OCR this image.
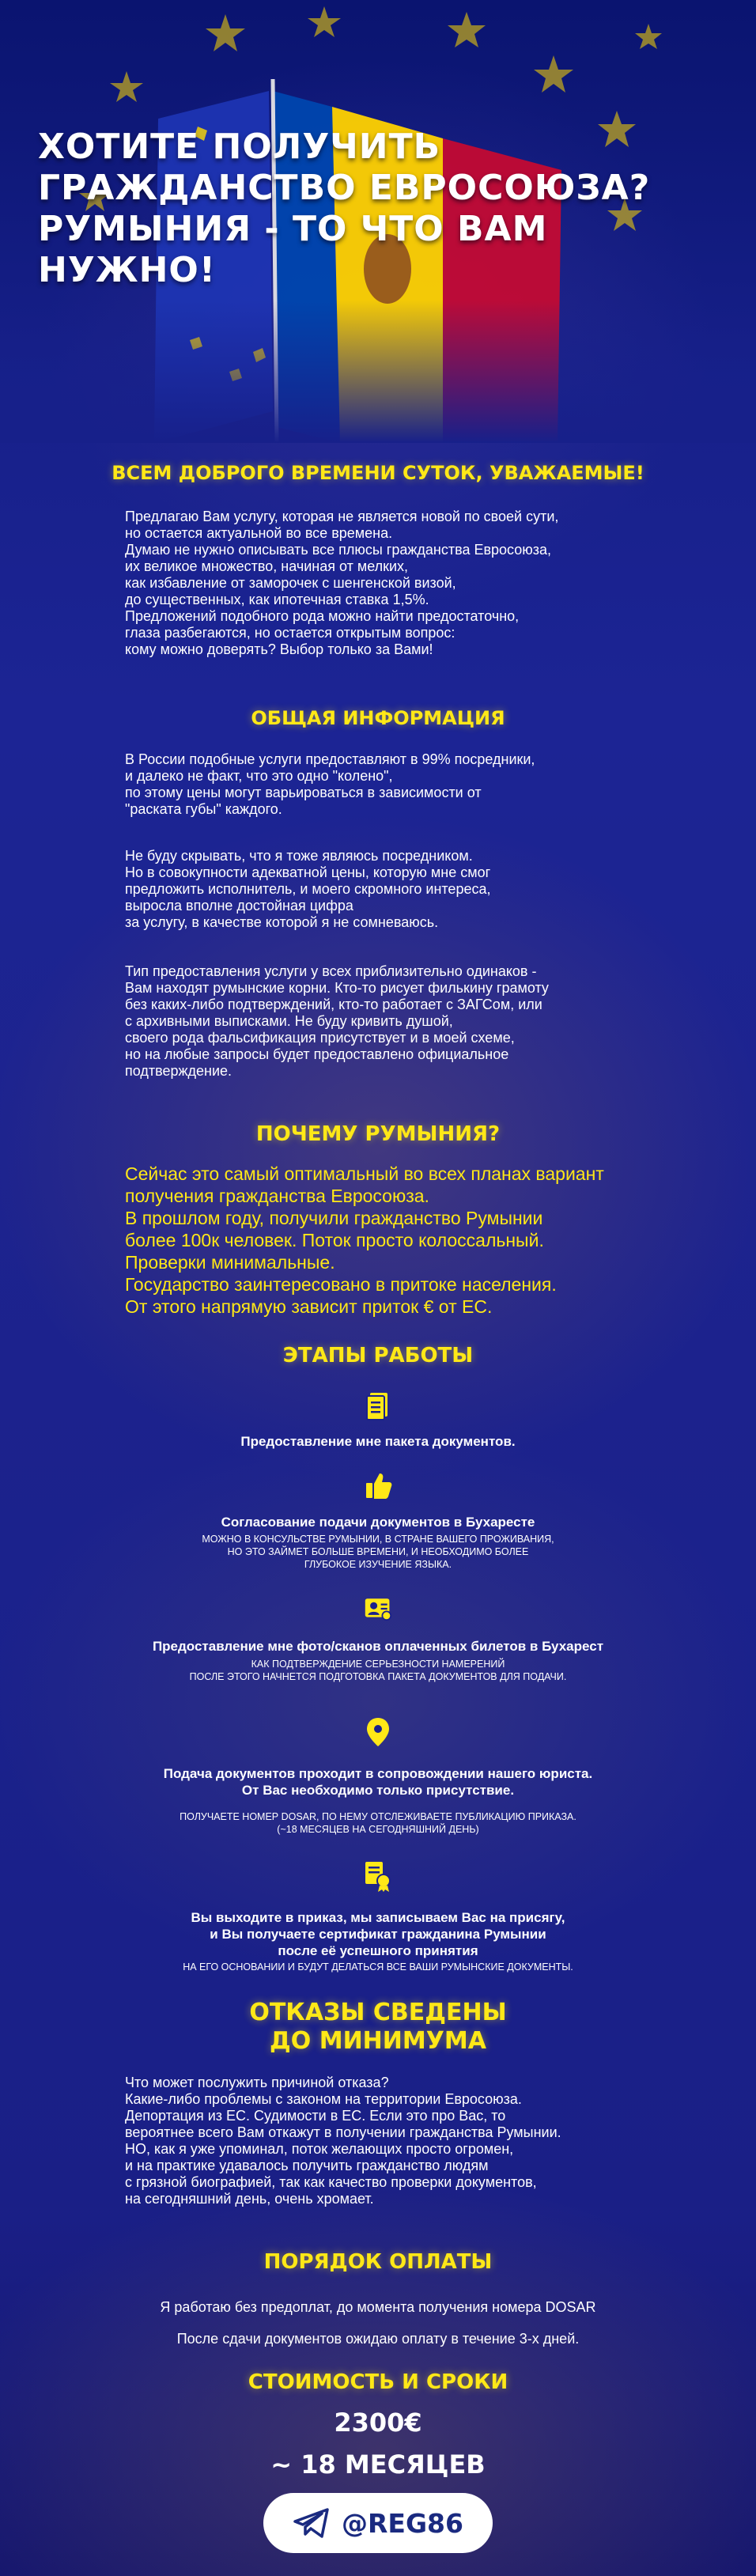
ХОТИТЕ ПОЛУЧИТЬ ГРАЖДАНСТВО ЕВРОСОЮЗА? РУМЫНИЯ - ТО ЧТО ВАМ НУЖНО!
ВСЕМ ДОБРОГО ВРЕМЕНИ СУТОК, УВАЖАЕМЫЕ!

Предлагаю Вам услугу, которая не является новой по своей сути,
но остается актуальной во все времена.
Думаю не нужно описывать все плюсы гражданства Евросоюза,
их великое множество, начиная от мелких,
как избавление от заморочек с шенгенской визой,
до существенных, как ипотечная ставка 1,5%.
Предложений подобного рода можно найти предостаточно,
глаза разбегаются, но остается открытым вопрос:
кому можно доверять? Выбор только за Вами!

ОБЩАЯ ИНФОРМАЦИЯ

В России подобные услуги предоставляют в 99% посредники,
и далеко не факт, что это одно "колено",
по этому цены могут варьироваться в зависимости от
"раската губы" каждого.

Не буду скрывать, что я тоже являюсь посредником.
Но в совокупности адекватной цены, которую мне смог
предложить исполнитель, и моего скромного интереса,
выросла вполне достойная цифра
за услугу, в качестве которой я не сомневаюсь.

Тип предоставления услуги у всех приблизительно одинаков -
Вам находят румынские корни. Кто-то рисует филькину грамоту
без каких-либо подтверждений, кто-то работает с ЗАГСом, или
с архивными выписками. Не буду кривить душой,
своего рода фальсификация присутствует и в моей схеме,
но на любые запросы будет предоставлено официальное
подтверждение.

ПОЧЕМУ РУМЫНИЯ?

Сейчас это самый оптимальный во всех планах вариант
получения гражданства Евросоюза.
В прошлом году, получили гражданство Румынии
более 100к человек. Поток просто колоссальный.
Проверки минимальные.
Государство заинтересовано в притоке населения.
От этого напрямую зависит приток € от ЕС.

ЭТАПЫ РАБОТЫ

Предоставление мне пакета документов.

Согласование подачи документов в Бухаресте

МОЖНО В КОНСУЛЬСТВЕ РУМЫНИИ, В СТРАНЕ ВАШЕГО ПРОЖИВАНИЯ,
НО ЭТО ЗАЙМЕТ БОЛЬШЕ ВРЕМЕНИ, И НЕОБХОДИМО БОЛЕЕ
ГЛУБОКОЕ ИЗУЧЕНИЕ ЯЗЫКА.

Предоставление мне фото/сканов оплаченных билетов в Бухарест

КАК ПОДТВЕРЖДЕНИЕ СЕРЬЕЗНОСТИ НАМЕРЕНИЙ
ПОСЛЕ ЭТОГО НАЧНЕТСЯ ПОДГОТОВКА ПАКЕТА ДОКУМЕНТОВ ДЛЯ ПОДАЧИ.

Подача документов проходит в сопровождении нашего юриста.
От Вас необходимо только присутствие.

ПОЛУЧАЕТЕ НОМЕР DOSAR, ПО НЕМУ ОТСЛЕЖИВАЕТЕ ПУБЛИКАЦИЮ ПРИКАЗА.
(~18 МЕСЯЦЕВ НА СЕГОДНЯШНИЙ ДЕНЬ)

Вы выходите в приказ, мы записываем Вас на присягу,
и Вы получаете сертификат гражданина Румынии
после её успешного принятия

НА ЕГО ОСНОВАНИИ И БУДУТ ДЕЛАТЬСЯ ВСЕ ВАШИ РУМЫНСКИЕ ДОКУМЕНТЫ.

ОТКАЗЫ СВЕДЕНЫ
ДО МИНИМУМА

Что может послужить причиной отказа?
Какие-либо проблемы с законом на территории Евросоюза.
Депортация из ЕС. Судимости в ЕС. Если это про Вас, то
вероятнее всего Вам откажут в получении гражданства Румынии.
НО, как я уже упоминал, поток желающих просто огромен,
и на практике удавалось получить гражданство людям
с грязной биографией, так как качество проверки документов,
на сегодняшний день, очень хромает.

ПОРЯДОК ОПЛАТЫ

Я работаю без предоплат, до момента получения номера DOSAR

После сдачи документов ожидаю оплату в течение 3-х дней.

СТОИМОСТЬ И СРОКИ
2300€
~ 18 МЕСЯЦЕВ
@REG86
